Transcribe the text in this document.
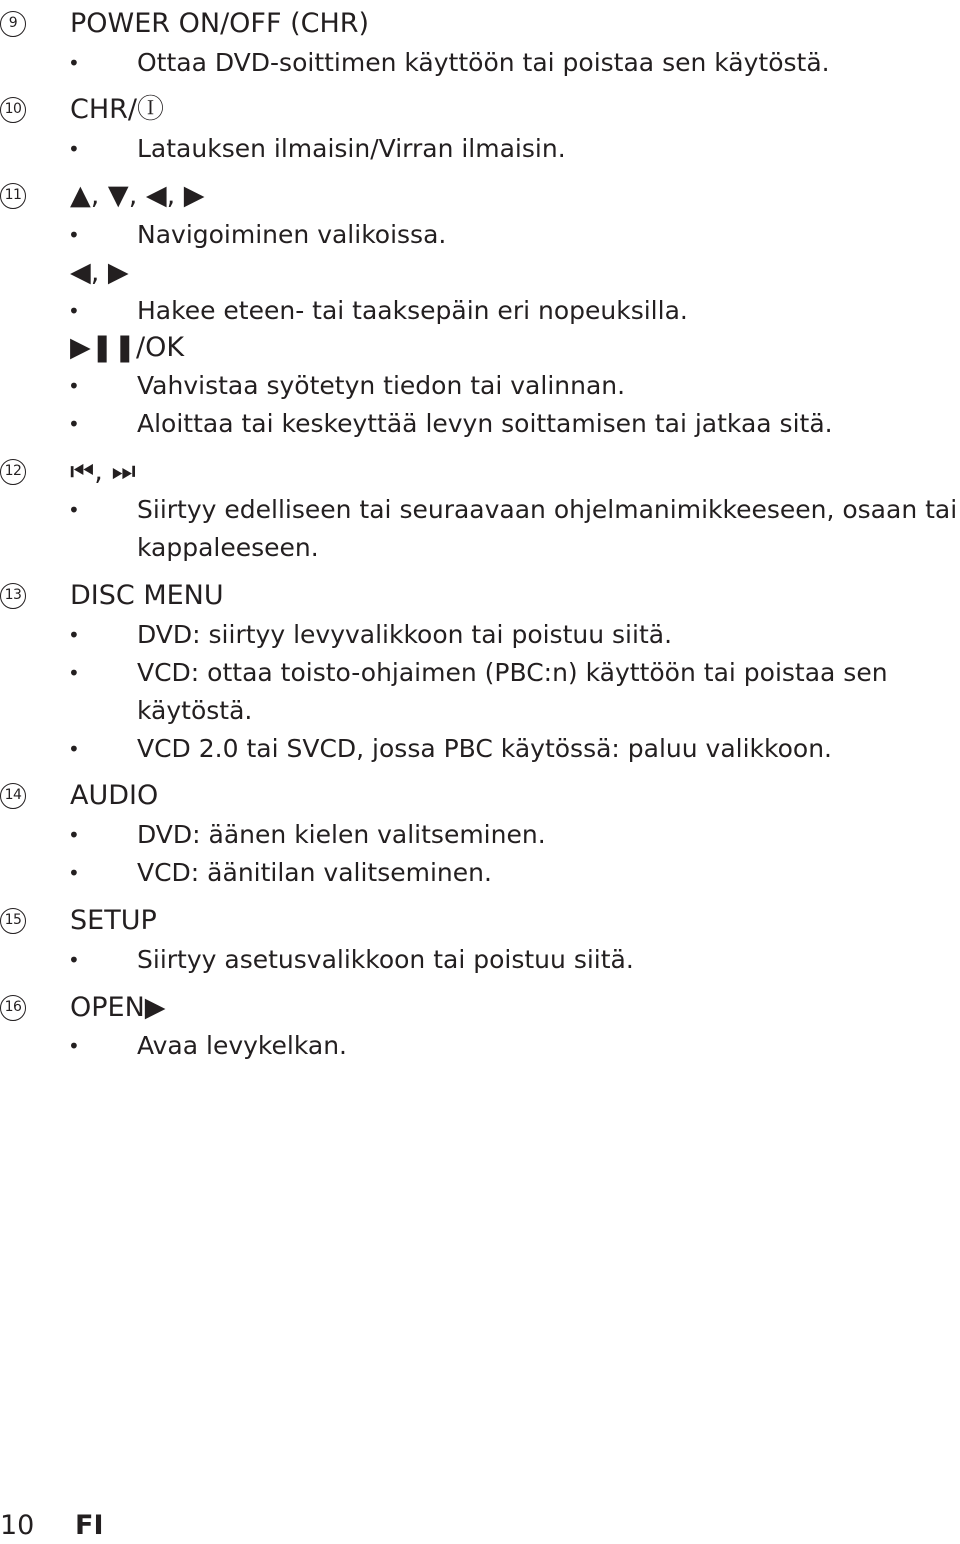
9	POWER ON/OFF (CHR)
• Ottaa DVD-soittimen käyttöön tai poistaa sen käytöstä.
10 CHR/Ⓘ
• Latauksen ilmaisin/Virran ilmaisin.
11 ▲, ▼, ◀, ▶
• Navigoiminen valikoissa.
◀, ▶
• Hakee eteen- tai taaksepäin eri nopeuksilla.
▶❚❚/OK
• Vahvistaa syötetyn tiedon tai valinnan.
• Aloittaa tai keskeyttää levyn soittamisen tai jatkaa sitä.
12 ⏮, ⏭
• Siirtyy edelliseen tai seuraavaan ohjelmanimikkeeseen, osaan tai
kappaleeseen.
13 DISC MENU
• DVD: siirtyy levyvalikkoon tai poistuu siitä.
• VCD: ottaa toisto-ohjaimen (PBC:n) käyttöön tai poistaa sen
käytöstä.
• VCD 2.0 tai SVCD, jossa PBC käytössä: paluu valikkoon.
14 AUDIO
• DVD: äänen kielen valitseminen.
• VCD: äänitilan valitseminen.
15 SETUP
• Siirtyy asetusvalikkoon tai poistuu siitä.
16 OPEN▶
• Avaa levykelkan.
10 FI
